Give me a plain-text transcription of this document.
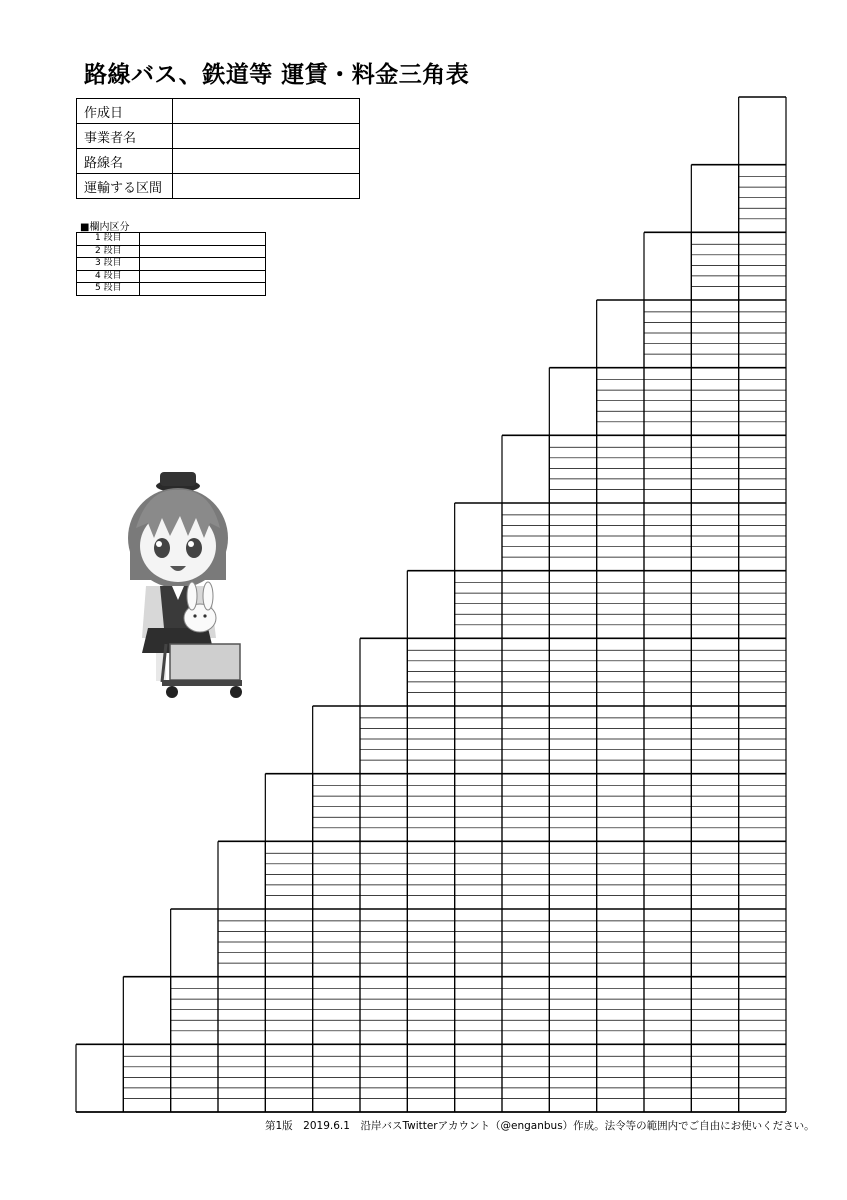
路線バス、鉄道等 運賃・料金三角表
作成日	
事業者名	
路線名	
運輸する区間	
■欄内区分
1 段目	
2 段目	
3 段目	
4 段目	
5 段目	
第1版　2019.6.1　沿岸バスTwitterアカウント（@enganbus）作成。法令等の範囲内でご自由にお使いください。
